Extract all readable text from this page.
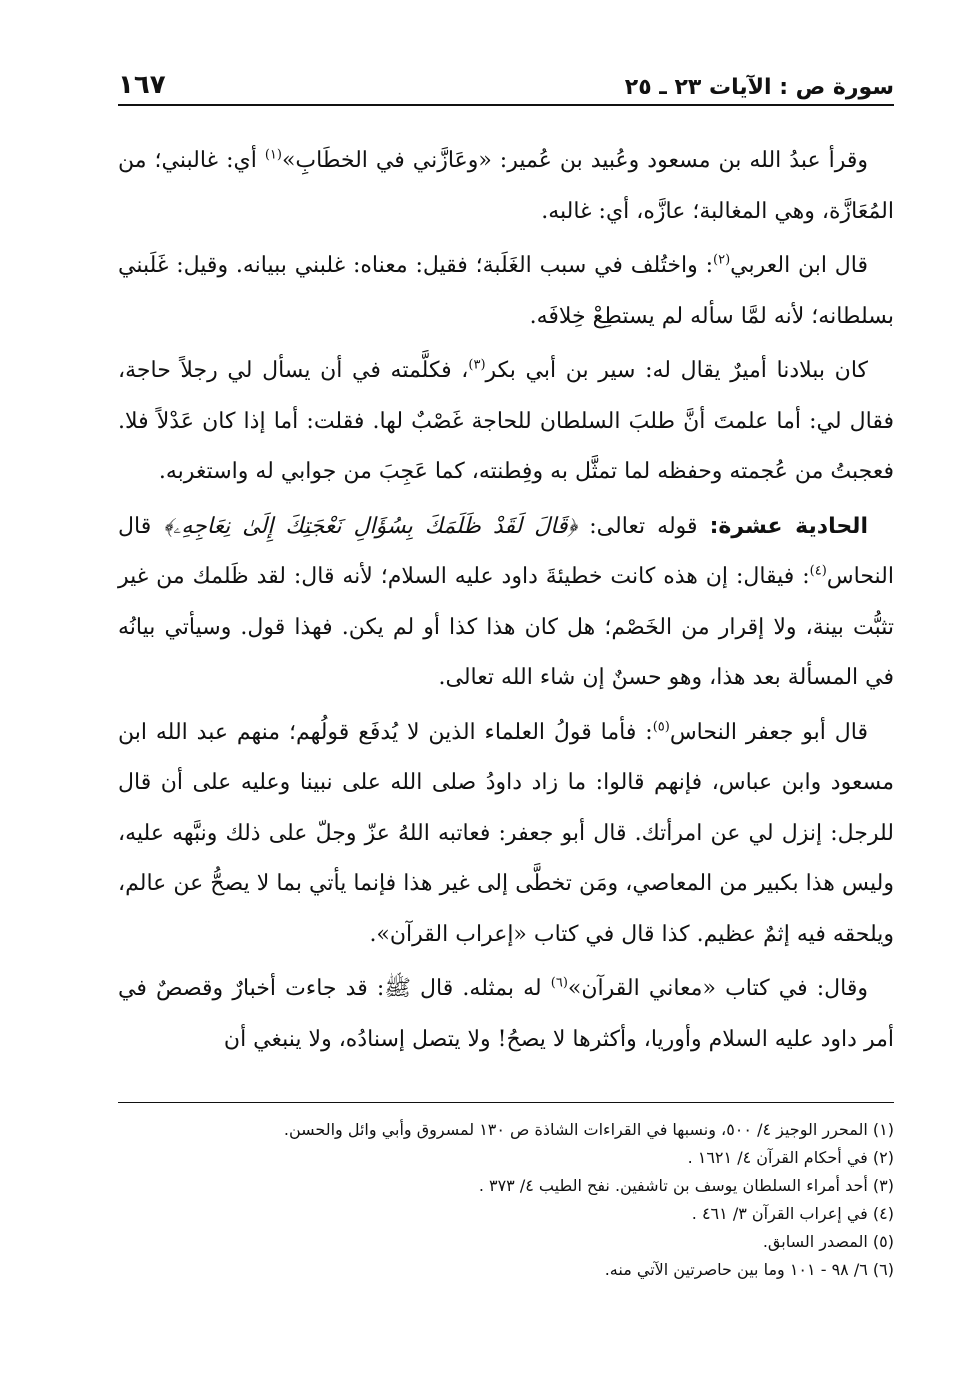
سورة ص : الآيات ٢٣ ـ ٢٥
١٦٧

وقرأ عبدُ الله بن مسعود وعُبيد بن عُمير: «وعَازَّني في الخطَابِ»$^{(١)}$ أي: غالبني؛ من المُعَازَّة، وهي المغالبة؛ عازَّه، أي: غالبه.

قال ابن العربي$^{(٢)}$: واختُلف في سبب الغَلَبة؛ فقيل: معناه: غلبني ببيانه. وقيل: غَلَبني بسلطانه؛ لأنه لمَّا سأله لم يستطِعْ خِلافَه.

كان ببلادنا أميرٌ يقال له: سير بن أبي بكر$^{(٣)}$، فكلَّمته في أن يسأل لي رجلاً حاجة، فقال لي: أما علمتَ أنَّ طلبَ السلطان للحاجة غَصْبٌ لها. فقلت: أما إذا كان عَدْلاً فلا. فعجبتُ من عُجمته وحفظه لما تمثَّل به وفِطنته، كما عَجِبَ من جوابي له واستغربه.

الحادية عشرة: قوله تعالى: ﴿قَالَ لَقَدْ ظَلَمَكَ بِسُؤَالِ نَعْجَتِكَ إِلَىٰ نِعَاجِهِۦ﴾ قال النحاس$^{(٤)}$: فيقال: إن هذه كانت خطيئةَ داود عليه السلام؛ لأنه قال: لقد ظَلمك من غير تثبُّت بينة، ولا إقرار من الخَصْم؛ هل كان هذا كذا أو لم يكن. فهذا قول. وسيأتي بيانُه في المسألة بعد هذا، وهو حسنٌ إن شاء الله تعالى.

قال أبو جعفر النحاس$^{(٥)}$: فأما قولُ العلماء الذين لا يُدفَع قولُهم؛ منهم عبد الله ابن مسعود وابن عباس، فإنهم قالوا: ما زاد داودُ صلى الله على نبينا وعليه على أن قال للرجل: إنزل لي عن امرأتك. قال أبو جعفر: فعاتبه اللهُ عزّ وجلّ على ذلك ونبَّهه عليه، وليس هذا بكبير من المعاصي، ومَن تخطَّى إلى غير هذا فإنما يأتي بما لا يصحُّ عن عالم، ويلحقه فيه إثمٌ عظيم. كذا قال في كتاب «إعراب القرآن».

وقال: في كتاب «معاني القرآن»$^{(٦)}$ له بمثله. قال ﷺ: قد جاءت أخبارٌ وقصصٌ في أمر داود عليه السلام وأوريا، وأكثرها لا يصحُ! ولا يتصل إسنادُه، ولا ينبغي أن

(١) المحرر الوجيز ٤/ ٥٠٠، ونسبها في القراءات الشاذة ص ١٣٠ لمسروق وأبي وائل والحسن.
(٢) في أحكام القرآن ٤/ ١٦٢١ .
(٣) أحد أمراء السلطان يوسف بن تاشفين. نفح الطيب ٤/ ٣٧٣ .
(٤) في إعراب القرآن ٣/ ٤٦١ .
(٥) المصدر السابق.
(٦) ٦/ ٩٨ - ١٠١ وما بين حاصرتين الآتي منه.
